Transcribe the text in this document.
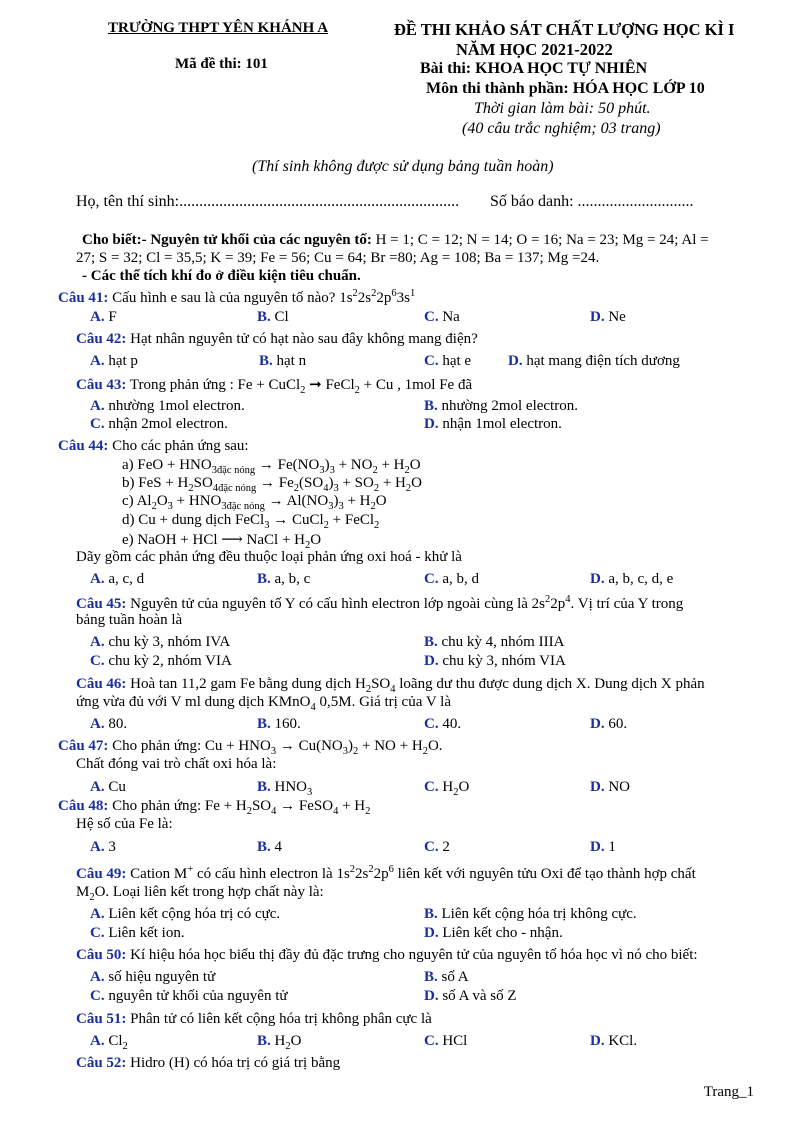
TRƯỜNG THPT YÊN KHÁNH A
Mã đề thi: 101
ĐỀ THI KHẢO SÁT CHẤT LƯỢNG HỌC KÌ I
NĂM HỌC 2021-2022
Bài thi: KHOA HỌC TỰ NHIÊN
Môn thi thành phần: HÓA HỌC LỚP 10
Thời gian làm bài: 50 phút.
(40 câu trắc nghiệm; 03 trang)
(Thí sinh không được sử dụng bảng tuần hoàn)
Họ, tên thí sinh:...................................................................... Số báo danh: .............................
Cho biết:- Nguyên tử khối của các nguyên tố: H = 1; C = 12; N = 14; O = 16; Na = 23; Mg = 24; Al =
27; S = 32; Cl = 35,5; K = 39; Fe = 56; Cu = 64; Br =80; Ag = 108; Ba = 137; Mg =24.
- Các thể tích khí đo ở điều kiện tiêu chuẩn.
Câu 41: Cấu hình e sau là của nguyên tố nào? $1s^22s^22p^63s^1$
A. F	B. Cl	C. Na	D. Ne
Câu 42: Hạt nhân nguyên tử có hạt nào sau đây không mang điện?
A. hạt p	B. hạt n	C. hạt e D. hạt mang điện tích dương
Câu 43: Trong phản ứng : Fe + CuCl$_2$ ➞ FeCl$_2$ + Cu , 1mol Fe đã
A. nhường 1mol electron.	B. nhường 2mol electron.
C. nhận 2mol electron.	D. nhận 1mol electron.
Câu 44: Cho các phản ứng sau:
a) FeO + $HNO_{3đặc nóng} \to Fe(NO_3)_3 + NO_2 + H_2O$
b) FeS + $H_2SO_{4đặc nóng} \to Fe_2(SO_4)_3 + SO_2 + H_2O$
c) $Al_2O_3 + HNO_{3đặc nóng} \to Al(NO_3)_3 + H_2O$
d) Cu + dung dịch FeCl$_3$ → CuCl$_2$ + FeCl$_2$
e) NaOH + HCl ⟶ NaCl + $H_2O$
Dãy gồm các phản ứng đều thuộc loại phản ứng oxi hoá - khử là
A. a, c, d	B. a, b, c	C. a, b, d	D. a, b, c, d, e
Câu 45: Nguyên tử của nguyên tố Y có cấu hình electron lớp ngoài cùng là $2s^22p^4$. Vị trí của Y trong
bảng tuần hoàn là
A. chu kỳ 3, nhóm IVA	B. chu kỳ 4, nhóm IIIA
C. chu kỳ 2, nhóm VIA	D. chu kỳ 3, nhóm VIA
Câu 46: Hoà tan 11,2 gam Fe bằng dung dịch $H_2SO_4$ loãng dư thu được dung dịch X. Dung dịch X phản
ứng vừa đủ với V ml dung dịch KMnO$_4$ 0,5M. Giá trị của V là
A. 80.	B. 160.	C. 40.	D. 60.
Câu 47: Cho phản ứng: $Cu + HNO_3 \to Cu(NO_3)_2$ + NO + $H_2O$.
Chất đóng vai trò chất oxi hóa là:
A. Cu	B. $HNO_3$	C. $H_2O$	D. NO
Câu 48: Cho phản ứng: $Fe + H_2SO_4$ → FeSO$_4$ + $H_2$
Hệ số của Fe là:
A. 3	B. 4	C. 2	D. 1
Câu 49: Cation M+ có cấu hình electron là $1s^22s^22p^6$ liên kết với nguyên tửu Oxi để tạo thành hợp chất
$M_2O$. Loại liên kết trong hợp chất này là:
A. Liên kết cộng hóa trị có cực.	B. Liên kết cộng hóa trị không cực.
C. Liên kết ion.	D. Liên kết cho - nhận.
Câu 50: Kí hiệu hóa học biểu thị đầy đủ đặc trưng cho nguyên tử của nguyên tố hóa học vì nó cho biết:
A. số hiệu nguyên tử	B. số A
C. nguyên tử khối của nguyên tử	D. số A và số Z
Câu 51: Phân tử có liên kết cộng hóa trị không phân cực là
A. $Cl_2$	B. $H_2O$	C. HCl	D. KCl.
Câu 52: Hidro (H) có hóa trị có giá trị bằng
Trang_1
